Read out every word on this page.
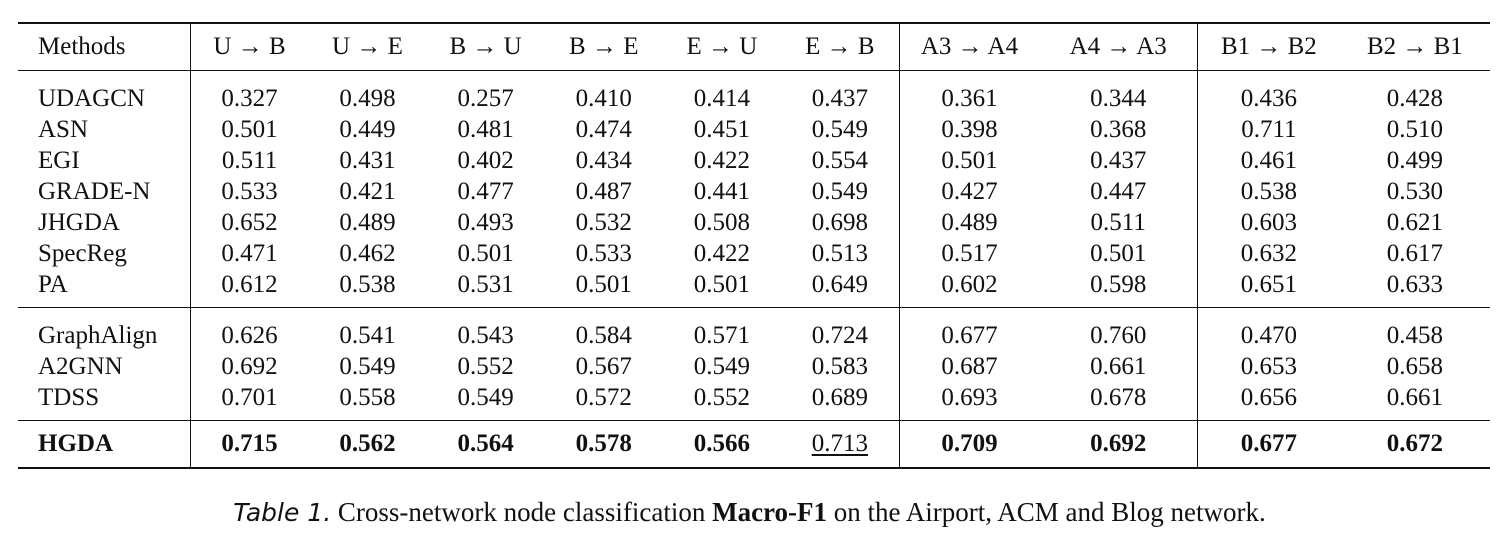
Methods	U → B	U → E	B → U	B → E	E → U	E → B	A3 → A4	A4 → A3	B1 → B2	B2 → B1
UDAGCN	0.327	0.498	0.257	0.410	0.414	0.437	0.361	0.344	0.436	0.428
ASN	0.501	0.449	0.481	0.474	0.451	0.549	0.398	0.368	0.711	0.510
EGI	0.511	0.431	0.402	0.434	0.422	0.554	0.501	0.437	0.461	0.499
GRADE-N	0.533	0.421	0.477	0.487	0.441	0.549	0.427	0.447	0.538	0.530
JHGDA	0.652	0.489	0.493	0.532	0.508	0.698	0.489	0.511	0.603	0.621
SpecReg	0.471	0.462	0.501	0.533	0.422	0.513	0.517	0.501	0.632	0.617
PA	0.612	0.538	0.531	0.501	0.501	0.649	0.602	0.598	0.651	0.633
GraphAlign	0.626	0.541	0.543	0.584	0.571	0.724	0.677	0.760	0.470	0.458
A2GNN	0.692	0.549	0.552	0.567	0.549	0.583	0.687	0.661	0.653	0.658
TDSS	0.701	0.558	0.549	0.572	0.552	0.689	0.693	0.678	0.656	0.661
HGDA	0.715	0.562	0.564	0.578	0.566	0.713	0.709	0.692	0.677	0.672
Table 1. Cross-network node classification Macro-F1 on the Airport, ACM and Blog network.
